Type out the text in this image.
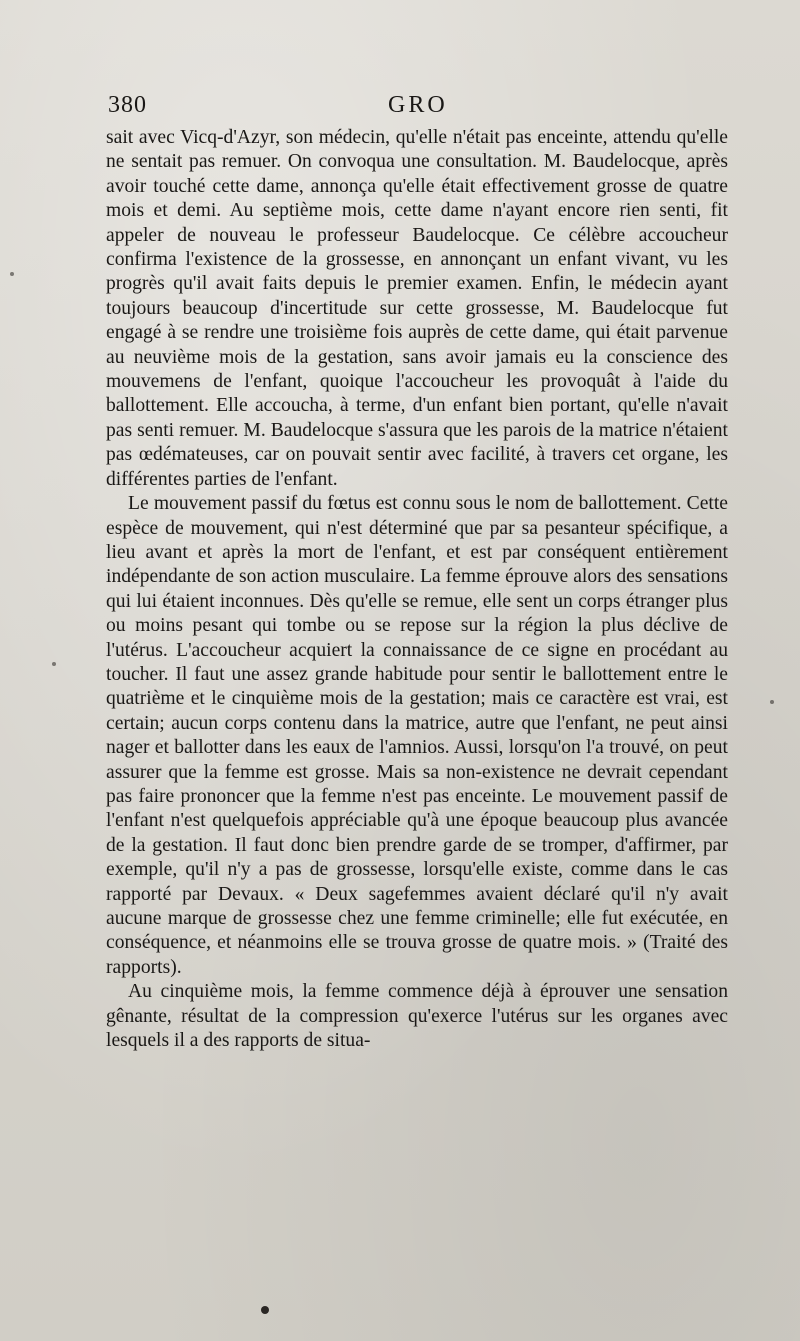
380	GRO

sait avec Vicq-d'Azyr, son médecin, qu'elle n'était pas enceinte, attendu qu'elle ne sentait pas remuer. On convoqua une consultation. M. Baudelocque, après avoir touché cette dame, annonça qu'elle était effectivement grosse de quatre mois et demi. Au septième mois, cette dame n'ayant encore rien senti, fit appeler de nouveau le professeur Baudelocque. Ce célèbre accoucheur confirma l'existence de la grossesse, en annonçant un enfant vivant, vu les progrès qu'il avait faits depuis le premier examen. Enfin, le médecin ayant toujours beaucoup d'incertitude sur cette grossesse, M. Baudelocque fut engagé à se rendre une troisième fois auprès de cette dame, qui était parvenue au neuvième mois de la gestation, sans avoir jamais eu la conscience des mouvemens de l'enfant, quoique l'accoucheur les provoquât à l'aide du ballottement. Elle accoucha, à terme, d'un enfant bien portant, qu'elle n'avait pas senti remuer. M. Baudelocque s'assura que les parois de la matrice n'étaient pas œdémateuses, car on pouvait sentir avec facilité, à travers cet organe, les différentes parties de l'enfant.

Le mouvement passif du fœtus est connu sous le nom de ballottement. Cette espèce de mouvement, qui n'est déterminé que par sa pesanteur spécifique, a lieu avant et après la mort de l'enfant, et est par conséquent entièrement indépendante de son action musculaire. La femme éprouve alors des sensations qui lui étaient inconnues. Dès qu'elle se remue, elle sent un corps étranger plus ou moins pesant qui tombe ou se repose sur la région la plus déclive de l'utérus. L'accoucheur acquiert la connaissance de ce signe en procédant au toucher. Il faut une assez grande habitude pour sentir le ballottement entre le quatrième et le cinquième mois de la gestation; mais ce caractère est vrai, est certain; aucun corps contenu dans la matrice, autre que l'enfant, ne peut ainsi nager et ballotter dans les eaux de l'amnios. Aussi, lorsqu'on l'a trouvé, on peut assurer que la femme est grosse. Mais sa non-existence ne devrait cependant pas faire prononcer que la femme n'est pas enceinte. Le mouvement passif de l'enfant n'est quelquefois appréciable qu'à une époque beaucoup plus avancée de la gestation. Il faut donc bien prendre garde de se tromper, d'affirmer, par exemple, qu'il n'y a pas de grossesse, lorsqu'elle existe, comme dans le cas rapporté par Devaux. « Deux sagefemmes avaient déclaré qu'il n'y avait aucune marque de grossesse chez une femme criminelle; elle fut exécutée, en conséquence, et néanmoins elle se trouva grosse de quatre mois. » (Traité des rapports).

Au cinquième mois, la femme commence déjà à éprouver une sensation gênante, résultat de la compression qu'exerce l'utérus sur les organes avec lesquels il a des rapports de situa-
